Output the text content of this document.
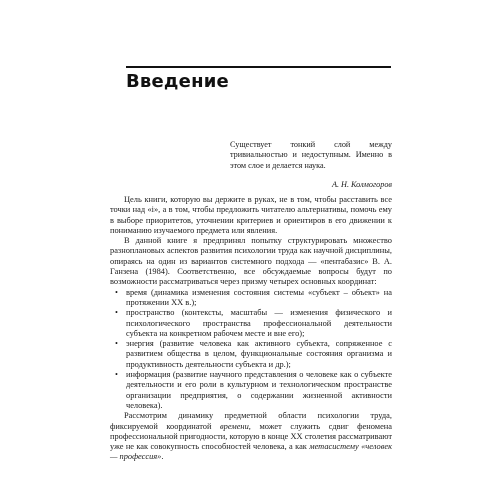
Введение
Существует тонкий слой между тривиальностью и недоступным. Именно в этом слое и делается наука.
А. Н. Колмогоров

Цель книги, которую вы держите в руках, не в том, чтобы расставить все точки над «i», а в том, чтобы предложить читателю альтернативы, помочь ему в выборе приоритетов, уточнении критериев и ориентиров в его движении к пониманию изучаемого предмета или явления.

В данной книге я предпринял попытку структурировать множество разноплановых аспектов развития психологии труда как научной дисциплины, опираясь на один из вариантов системного подхода — «пентабазис» В. А. Ганзена (1984). Соответственно, все обсуждаемые вопросы будут по возможности рассматриваться через призму четырех основных координат:

• время (динамика изменения состояния системы «субъект – объект» на протяжении XX в.);
• пространство (контексты, масштабы — изменения физического и психологического пространства профессиональной деятельности субъекта на конкретном рабочем месте и вне его);
• энергия (развитие человека как активного субъекта, сопряженное с развитием общества в целом, функциональные состояния организма и продуктивность деятельности субъекта и др.);
• информация (развитие научного представления о человеке как о субъекте деятельности и его роли в культурном и технологическом пространстве организации предприятия, о содержании жизненной активности человека).

Рассмотрим динамику предметной области психологии труда, фиксируемой координатой времени, может служить сдвиг феномена профессиональной пригодности, которую в конце XX столетия рассматривают уже не как совокупность способностей человека, а как метасистему «человек — профессия».
